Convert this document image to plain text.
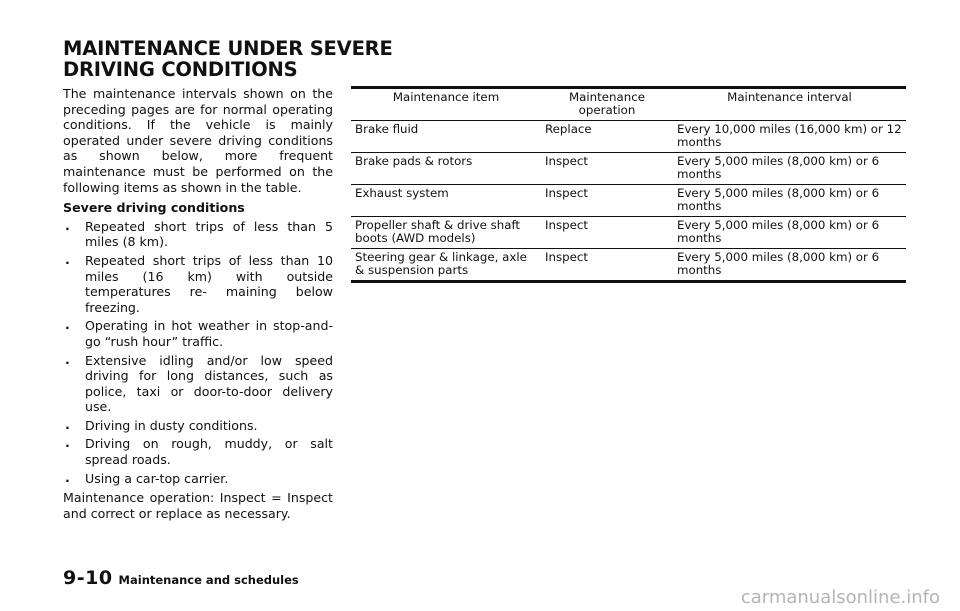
MAINTENANCE UNDER SEVERE
DRIVING CONDITIONS

The maintenance intervals shown on the preceding pages are for normal operating conditions. If the vehicle is mainly operated under severe driving conditions as shown below, more frequent maintenance must be performed on the following items as shown in the table.

Severe driving conditions

. Repeated short trips of less than 5 miles (8 km).
. Repeated short trips of less than 10 miles (16 km) with outside temperatures re- maining below freezing.
. Operating in hot weather in stop-and-go “rush hour” traffic.
. Extensive idling and/or low speed driving for long distances, such as police, taxi or door-to-door delivery use.
. Driving in dusty conditions.
. Driving on rough, muddy, or salt spread roads.
. Using a car-top carrier.

Maintenance operation: Inspect = Inspect and correct or replace as necessary.

Maintenance item	Maintenance operation	Maintenance interval
Brake fluid	Replace	Every 10,000 miles (16,000 km) or 12 months
Brake pads & rotors	Inspect	Every 5,000 miles (8,000 km) or 6 months
Exhaust system	Inspect	Every 5,000 miles (8,000 km) or 6 months
Propeller shaft & drive shaft boots (AWD models)	Inspect	Every 5,000 miles (8,000 km) or 6 months
Steering gear & linkage, axle & suspension parts	Inspect	Every 5,000 miles (8,000 km) or 6 months
9-10 Maintenance and schedules
carmanualsonline.info
